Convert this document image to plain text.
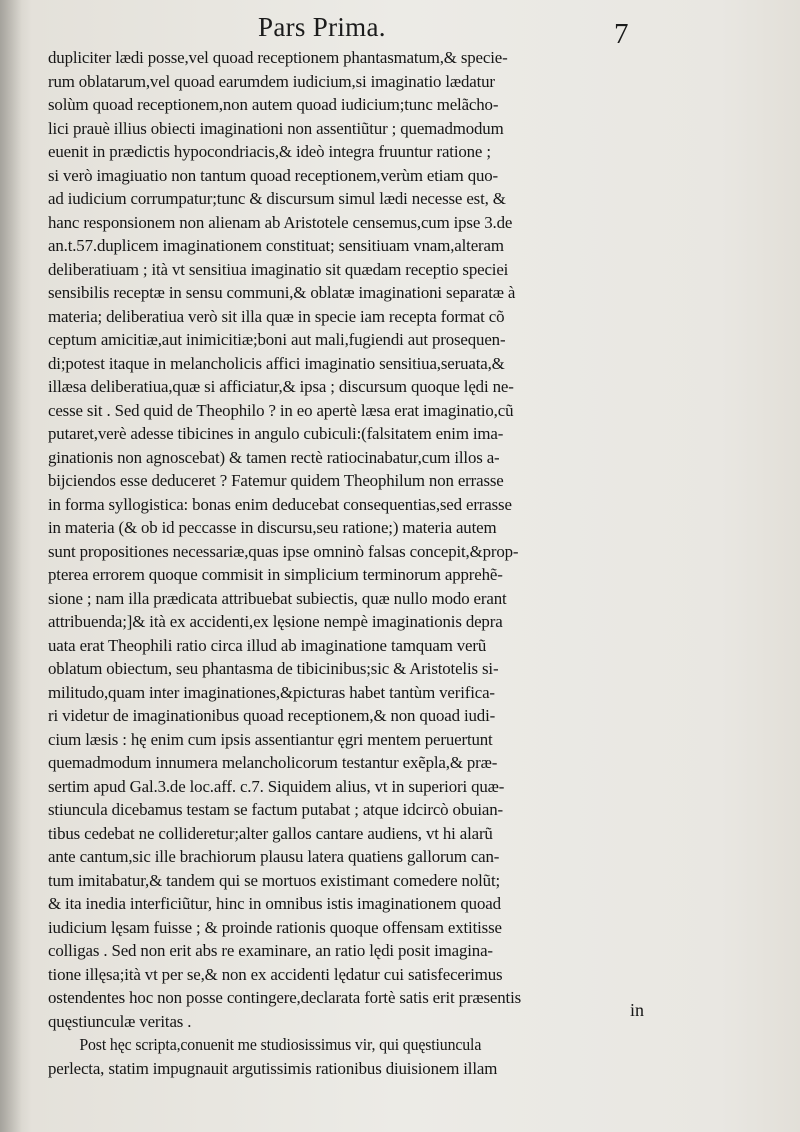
Pars Prima.	7
dupliciter lædi posse,vel quoad receptionem phantasmatum,& specie-
rum oblatarum,vel quoad earumdem iudicium,si imaginatio lædatur
solùm quoad receptionem,non autem quoad iudicium;tunc melãcho-
lici prauè illius obiecti imaginationi non assentiũtur ; quemadmodum
euenit in prædictis hypocondriacis,& ideò integra fruuntur ratione ;
si verò imagiuatio non tantum quoad receptionem,verùm etiam quo-
ad iudicium corrumpatur;tunc & discursum simul lædi necesse est, &
hanc responsionem non alienam ab Aristotele censemus,cum ipse 3.de
an.t.57.duplicem imaginationem constituat; sensitiuam vnam,alteram
deliberatiuam ; ità vt sensitiua imaginatio sit quædam receptio speciei
sensibilis receptæ in sensu communi,& oblatæ imaginationi separatæ à
materia; deliberatiua verò sit illa quæ in specie iam recepta format cõ
ceptum amicitiæ,aut inimicitiæ;boni aut mali,fugiendi aut prosequen-
di;potest itaque in melancholicis affici imaginatio sensitiua,seruata,&
illæsa deliberatiua,quæ si afficiatur,& ipsa ; discursum quoque lędi ne-
cesse sit . Sed quid de Theophilo ? in eo apertè læsa erat imaginatio,cũ
putaret,verè adesse tibicines in angulo cubiculi:(falsitatem enim ima-
ginationis non agnoscebat) & tamen rectè ratiocinabatur,cum illos a-
bijciendos esse deduceret ? Fatemur quidem Theophilum non errasse
in forma syllogistica: bonas enim deducebat consequentias,sed errasse
in materia (& ob id peccasse in discursu,seu ratione;) materia autem
sunt propositiones necessariæ,quas ipse omninò falsas concepit,&prop-
pterea errorem quoque commisit in simplicium terminorum apprehẽ-
sione ; nam illa prædicata attribuebat subiectis, quæ nullo modo erant
attribuenda;]& ità ex accidenti,ex lęsione nempè imaginationis depra
uata erat Theophili ratio circa illud ab imaginatione tamquam verũ
oblatum obiectum, seu phantasma de tibicinibus;sic & Aristotelis si-
militudo,quam inter imaginationes,&picturas habet tantùm verifica-
ri videtur de imaginationibus quoad receptionem,& non quoad iudi-
cium læsis : hę enim cum ipsis assentiantur ęgri mentem peruertunt
quemadmodum innumera melancholicorum testantur exẽpla,& præ-
sertim apud Gal.3.de loc.aff. c.7. Siquidem alius, vt in superiori quæ-
stiuncula dicebamus testam se factum putabat ; atque idcircò obuian-
tibus cedebat ne collideretur;alter gallos cantare audiens, vt hi alarũ
ante cantum,sic ille brachiorum plausu latera quatiens gallorum can-
tum imitabatur,& tandem qui se mortuos existimant comedere nolũt;
& ita inedia interficiũtur, hinc in omnibus istis imaginationem quoad
iudicium lęsam fuisse ; & proinde rationis quoque offensam extitisse
colligas . Sed non erit abs re examinare, an ratio lędi posit imagina-
tione illęsa;ità vt per se,& non ex accidenti lędatur cui satisfecerimus
ostendentes hoc non posse contingere,declarata fortè satis erit præsentis
quęstiunculæ veritas .
Post hęc scripta,conuenit me studiosissimus vir, qui quęstiuncula
perlecta, statim impugnauit argutissimis rationibus diuisionem illam
in
